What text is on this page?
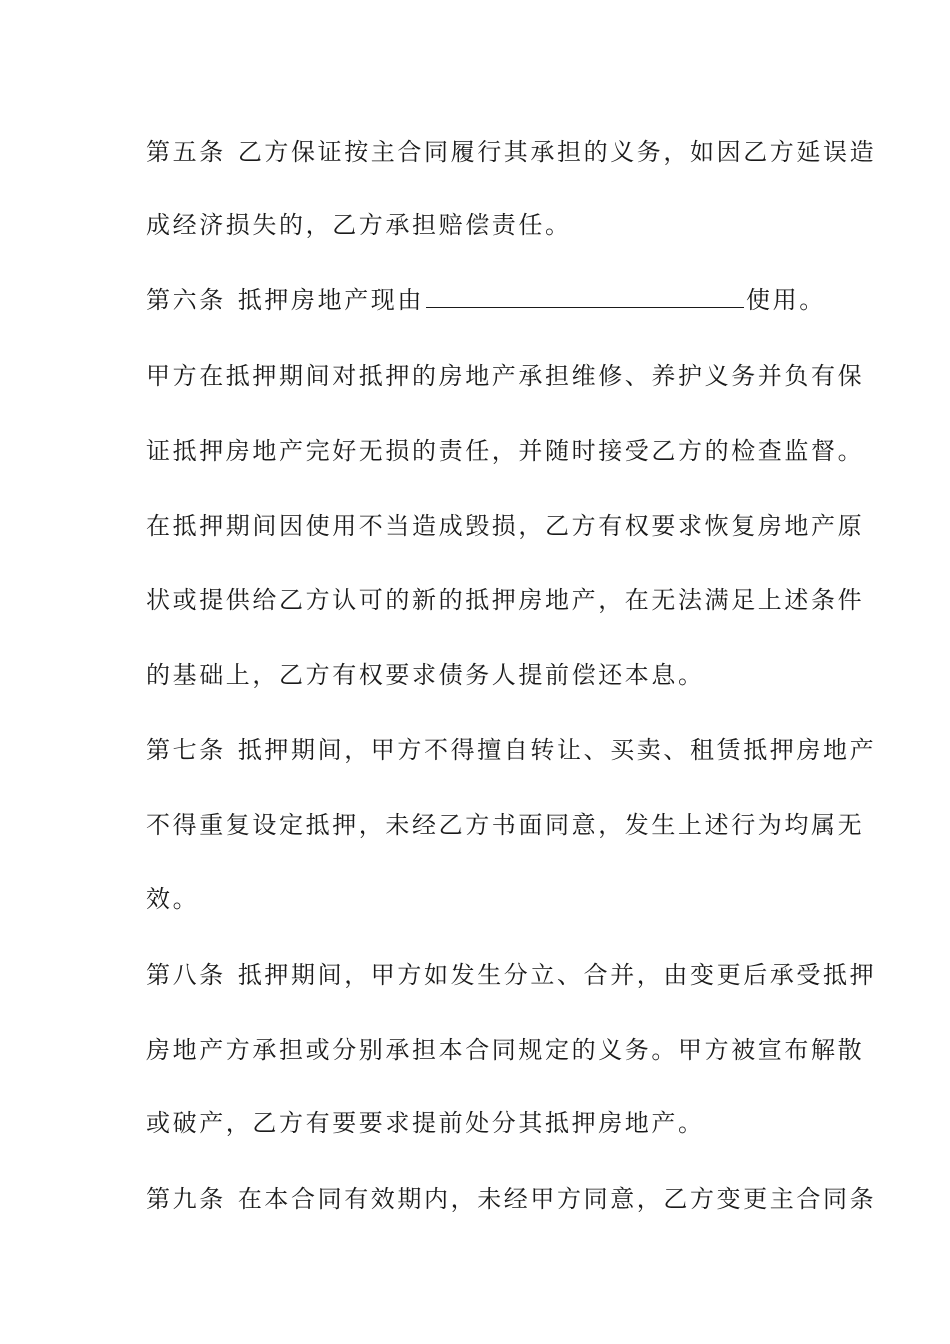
第五条 乙方保证按主合同履行其承担的义务，如因乙方延误造
成经济损失的，乙方承担赔偿责任。
第六条 抵押房地产现由	使用。
甲方在抵押期间对抵押的房地产承担维修、养护义务并负有保
证抵押房地产完好无损的责任，并随时接受乙方的检查监督。
在抵押期间因使用不当造成毁损，乙方有权要求恢复房地产原
状或提供给乙方认可的新的抵押房地产，在无法满足上述条件
的基础上，乙方有权要求债务人提前偿还本息。
第七条 抵押期间，甲方不得擅自转让、买卖、租赁抵押房地产
不得重复设定抵押，未经乙方书面同意，发生上述行为均属无
效。
第八条 抵押期间，甲方如发生分立、合并，由变更后承受抵押
房地产方承担或分别承担本合同规定的义务。甲方被宣布解散
或破产，乙方有要要求提前处分其抵押房地产。
第九条 在本合同有效期内，未经甲方同意，乙方变更主合同条
